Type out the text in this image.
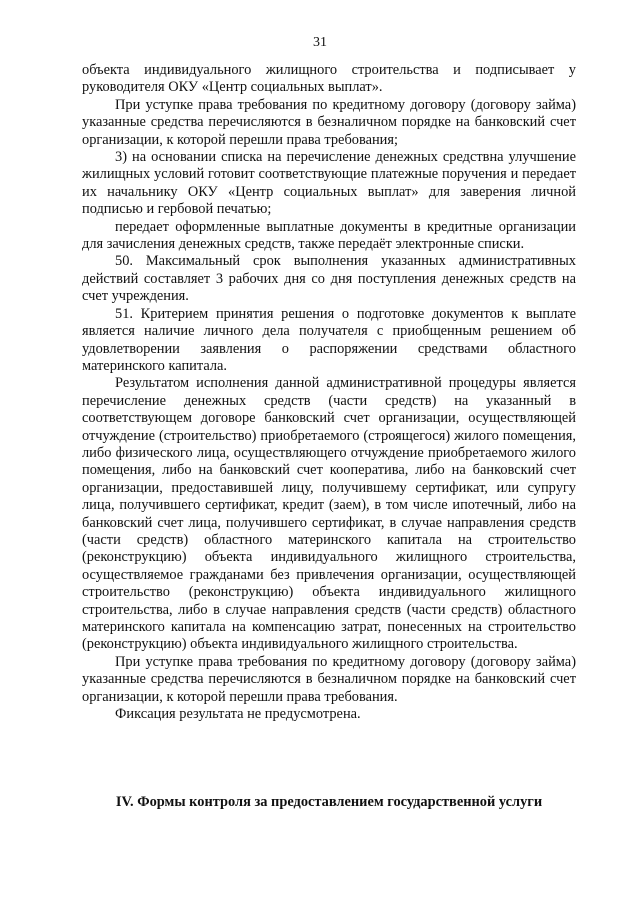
31

объекта индивидуального жилищного строительства и подписывает у руководителя ОКУ «Центр социальных выплат».

При уступке права требования по кредитному договору (договору займа) указанные средства перечисляются в безналичном порядке на банковский счет организации, к которой перешли права требования;

3) на основании списка на перечисление денежных средствна улучшение жилищных условий готовит соответствующие платежные поручения и передает их начальнику ОКУ «Центр социальных выплат» для заверения личной подписью и гербовой печатью;

передает оформленные выплатные документы в кредитные организации для зачисления денежных средств, также передаёт электронные списки.

50. Максимальный срок выполнения указанных административных действий составляет 3 рабочих дня со дня поступления денежных средств на счет учреждения.

51. Критерием принятия решения о подготовке документов к выплате является наличие личного дела получателя с приобщенным решением об удовлетворении заявления о распоряжении средствами областного материнского капитала.

Результатом исполнения данной административной процедуры является перечисление денежных средств (части средств) на указанный в соответствующем договоре банковский счет организации, осуществляющей отчуждение (строительство) приобретаемого (строящегося) жилого помещения, либо физического лица, осуществляющего отчуждение приобретаемого жилого помещения, либо на банковский счет кооператива, либо на банковский счет организации, предоставившей лицу, получившему сертификат, или супругу лица, получившего сертификат, кредит (заем), в том числе ипотечный, либо на банковский счет лица, получившего сертификат, в случае направления средств (части средств) областного материнского капитала на строительство (реконструкцию) объекта индивидуального жилищного строительства, осуществляемое гражданами без привлечения организации, осуществляющей строительство (реконструкцию) объекта индивидуального жилищного строительства, либо в случае направления средств (части средств) областного материнского капитала на компенсацию затрат, понесенных на строительство (реконструкцию) объекта индивидуального жилищного строительства.

При уступке права требования по кредитному договору (договору займа) указанные средства перечисляются в безналичном порядке на банковский счет организации, к которой перешли права требования.

Фиксация результата не предусмотрена.

IV. Формы контроля за предоставлением государственной услуги
